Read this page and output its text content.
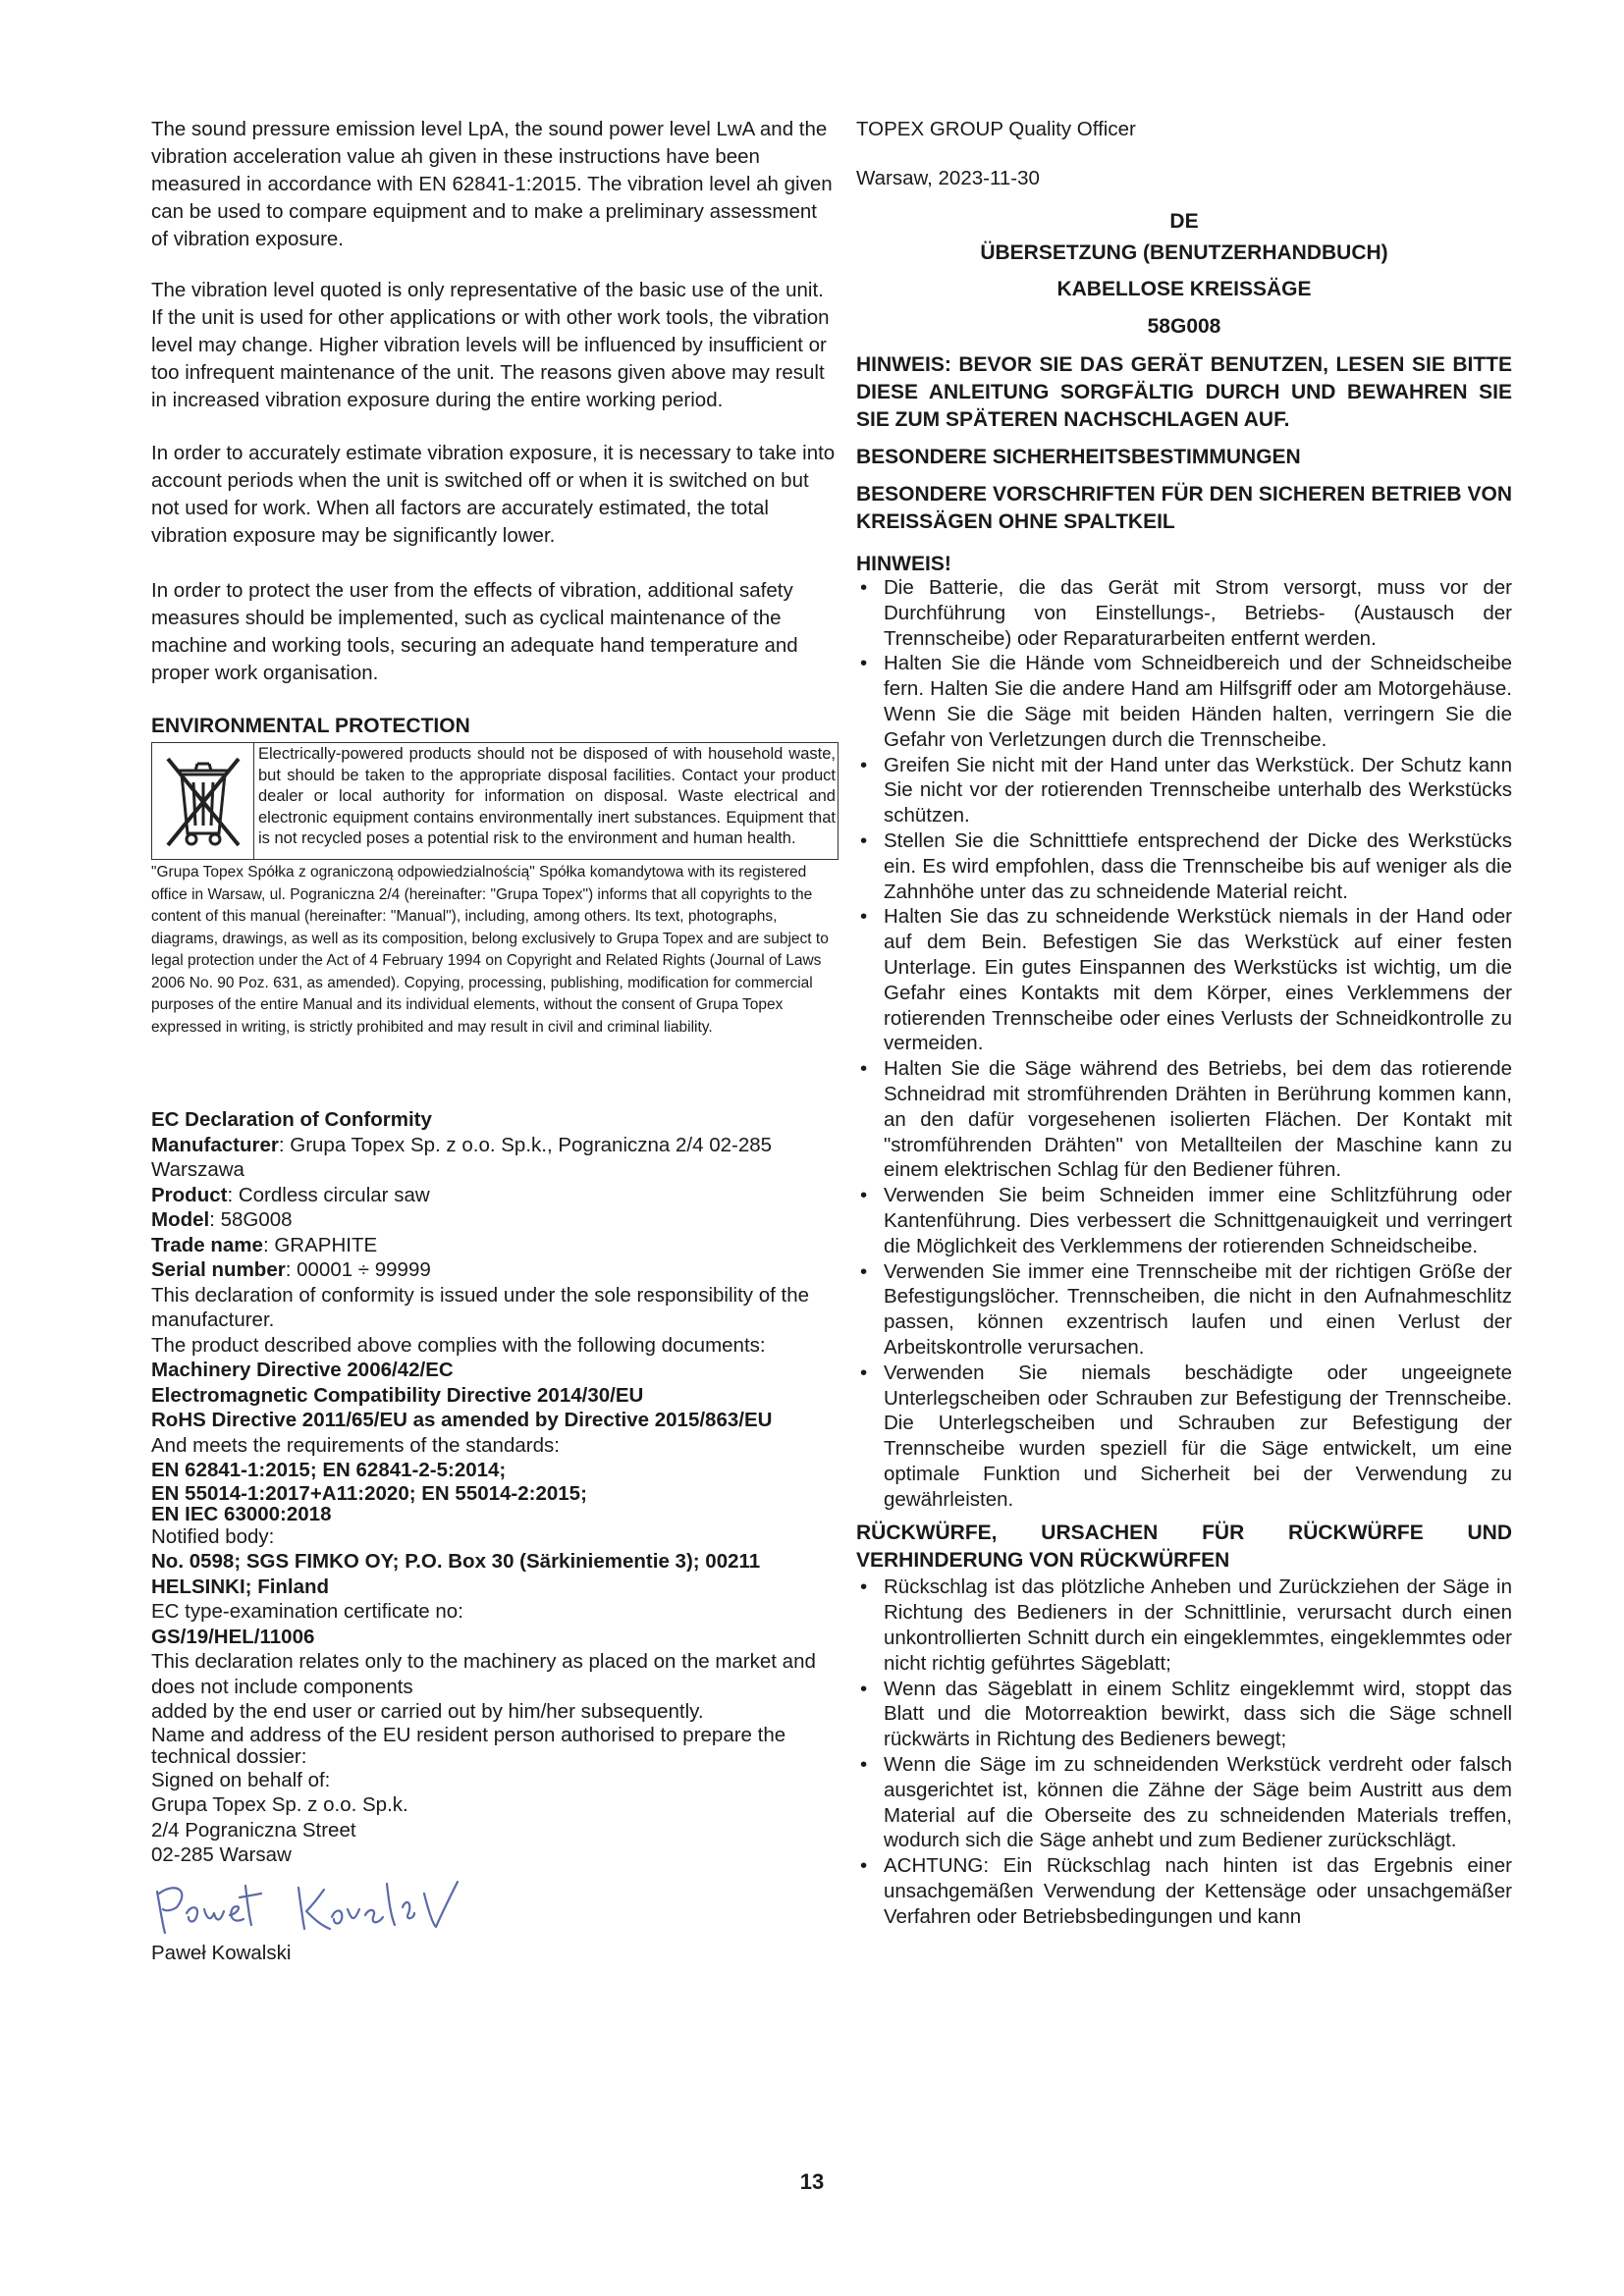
The sound pressure emission level LpA, the sound power level LwA and the vibration acceleration value ah given in these instructions have been measured in accordance with EN 62841-1:2015. The vibration level ah given can be used to compare equipment and to make a preliminary assessment of vibration exposure.

The vibration level quoted is only representative of the basic use of the unit. If the unit is used for other applications or with other work tools, the vibration level may change. Higher vibration levels will be influenced by insufficient or too infrequent maintenance of the unit. The reasons given above may result in increased vibration exposure during the entire working period.

In order to accurately estimate vibration exposure, it is necessary to take into account periods when the unit is switched off or when it is switched on but not used for work. When all factors are accurately estimated, the total vibration exposure may be significantly lower.

In order to protect the user from the effects of vibration, additional safety measures should be implemented, such as cyclical maintenance of the machine and working tools, securing an adequate hand temperature and proper work organisation.

ENVIRONMENTAL PROTECTION

Electrically-powered products should not be disposed of with household waste, but should be taken to the appropriate disposal facilities. Contact your product dealer or local authority for information on disposal. Waste electrical and electronic equipment contains environmentally inert substances. Equipment that is not recycled poses a potential risk to the environment and human health.

"Grupa Topex Spółka z ograniczoną odpowiedzialnością" Spółka komandytowa with its registered office in Warsaw, ul. Pograniczna 2/4 (hereinafter: "Grupa Topex") informs that all copyrights to the content of this manual (hereinafter: "Manual"), including, among others. Its text, photographs, diagrams, drawings, as well as its composition, belong exclusively to Grupa Topex and are subject to legal protection under the Act of 4 February 1994 on Copyright and Related Rights (Journal of Laws 2006 No. 90 Poz. 631, as amended). Copying, processing, publishing, modification for commercial purposes of the entire Manual and its individual elements, without the consent of Grupa Topex expressed in writing, is strictly prohibited and may result in civil and criminal liability.

EC Declaration of Conformity

Manufacturer: Grupa Topex Sp. z o.o. Sp.k., Pograniczna 2/4 02-285 Warszawa

Product: Cordless circular saw

Model: 58G008

Trade name: GRAPHITE

Serial number: 00001 ÷ 99999

This declaration of conformity is issued under the sole responsibility of the manufacturer.

The product described above complies with the following documents:

Machinery Directive 2006/42/EC

Electromagnetic Compatibility Directive 2014/30/EU

RoHS Directive 2011/65/EU as amended by Directive 2015/863/EU

And meets the requirements of the standards:

EN 62841-1:2015; EN 62841-2-5:2014;

EN 55014-1:2017+A11:2020; EN 55014-2:2015;

EN IEC 63000:2018

Notified body:

No. 0598; SGS FIMKO OY; P.O. Box 30 (Särkiniementie 3); 00211 HELSINKI; Finland

EC type-examination certificate no:

GS/19/HEL/11006

This declaration relates only to the machinery as placed on the market and does not include components

added by the end user or carried out by him/her subsequently.

Name and address of the EU resident person authorised to prepare the technical dossier:

Signed on behalf of:

Grupa Topex Sp. z o.o. Sp.k.

2/4 Pograniczna Street

02-285 Warsaw

Paweł Kowalski

TOPEX GROUP Quality Officer

Warsaw, 2023-11-30

DE

ÜBERSETZUNG (BENUTZERHANDBUCH)

KABELLOSE KREISSÄGE

58G008

HINWEIS: BEVOR SIE DAS GERÄT BENUTZEN, LESEN SIE BITTE DIESE ANLEITUNG SORGFÄLTIG DURCH UND BEWAHREN SIE SIE ZUM SPÄTEREN NACHSCHLAGEN AUF.

BESONDERE SICHERHEITSBESTIMMUNGEN

BESONDERE VORSCHRIFTEN FÜR DEN SICHEREN BETRIEB VON KREISSÄGEN OHNE SPALTKEIL

HINWEIS!

• Die Batterie, die das Gerät mit Strom versorgt, muss vor der Durchführung von Einstellungs-, Betriebs- (Austausch der Trennscheibe) oder Reparaturarbeiten entfernt werden.
• Halten Sie die Hände vom Schneidbereich und der Schneidscheibe fern. Halten Sie die andere Hand am Hilfsgriff oder am Motorgehäuse. Wenn Sie die Säge mit beiden Händen halten, verringern Sie die Gefahr von Verletzungen durch die Trennscheibe.
• Greifen Sie nicht mit der Hand unter das Werkstück. Der Schutz kann Sie nicht vor der rotierenden Trennscheibe unterhalb des Werkstücks schützen.
• Stellen Sie die Schnitttiefe entsprechend der Dicke des Werkstücks ein. Es wird empfohlen, dass die Trennscheibe bis auf weniger als die Zahnhöhe unter das zu schneidende Material reicht.
• Halten Sie das zu schneidende Werkstück niemals in der Hand oder auf dem Bein. Befestigen Sie das Werkstück auf einer festen Unterlage. Ein gutes Einspannen des Werkstücks ist wichtig, um die Gefahr eines Kontakts mit dem Körper, eines Verklemmens der rotierenden Trennscheibe oder eines Verlusts der Schneidkontrolle zu vermeiden.
• Halten Sie die Säge während des Betriebs, bei dem das rotierende Schneidrad mit stromführenden Drähten in Berührung kommen kann, an den dafür vorgesehenen isolierten Flächen. Der Kontakt mit "stromführenden Drähten" von Metallteilen der Maschine kann zu einem elektrischen Schlag für den Bediener führen.
• Verwenden Sie beim Schneiden immer eine Schlitzführung oder Kantenführung. Dies verbessert die Schnittgenauigkeit und verringert die Möglichkeit des Verklemmens der rotierenden Schneidscheibe.
• Verwenden Sie immer eine Trennscheibe mit der richtigen Größe der Befestigungslöcher. Trennscheiben, die nicht in den Aufnahmeschlitz passen, können exzentrisch laufen und einen Verlust der Arbeitskontrolle verursachen.
• Verwenden Sie niemals beschädigte oder ungeeignete Unterlegscheiben oder Schrauben zur Befestigung der Trennscheibe. Die Unterlegscheiben und Schrauben zur Befestigung der Trennscheibe wurden speziell für die Säge entwickelt, um eine optimale Funktion und Sicherheit bei der Verwendung zu gewährleisten.

RÜCKWÜRFE, URSACHEN FÜR RÜCKWÜRFE UND VERHINDERUNG VON RÜCKWÜRFEN

• Rückschlag ist das plötzliche Anheben und Zurückziehen der Säge in Richtung des Bedieners in der Schnittlinie, verursacht durch einen unkontrollierten Schnitt durch ein eingeklemmtes, eingeklemmtes oder nicht richtig geführtes Sägeblatt;
• Wenn das Sägeblatt in einem Schlitz eingeklemmt wird, stoppt das Blatt und die Motorreaktion bewirkt, dass sich die Säge schnell rückwärts in Richtung des Bedieners bewegt;
• Wenn die Säge im zu schneidenden Werkstück verdreht oder falsch ausgerichtet ist, können die Zähne der Säge beim Austritt aus dem Material auf die Oberseite des zu schneidenden Materials treffen, wodurch sich die Säge anhebt und zum Bediener zurückschlägt.
• ACHTUNG: Ein Rückschlag nach hinten ist das Ergebnis einer unsachgemäßen Verwendung der Kettensäge oder unsachgemäßer Verfahren oder Betriebsbedingungen und kann
13
